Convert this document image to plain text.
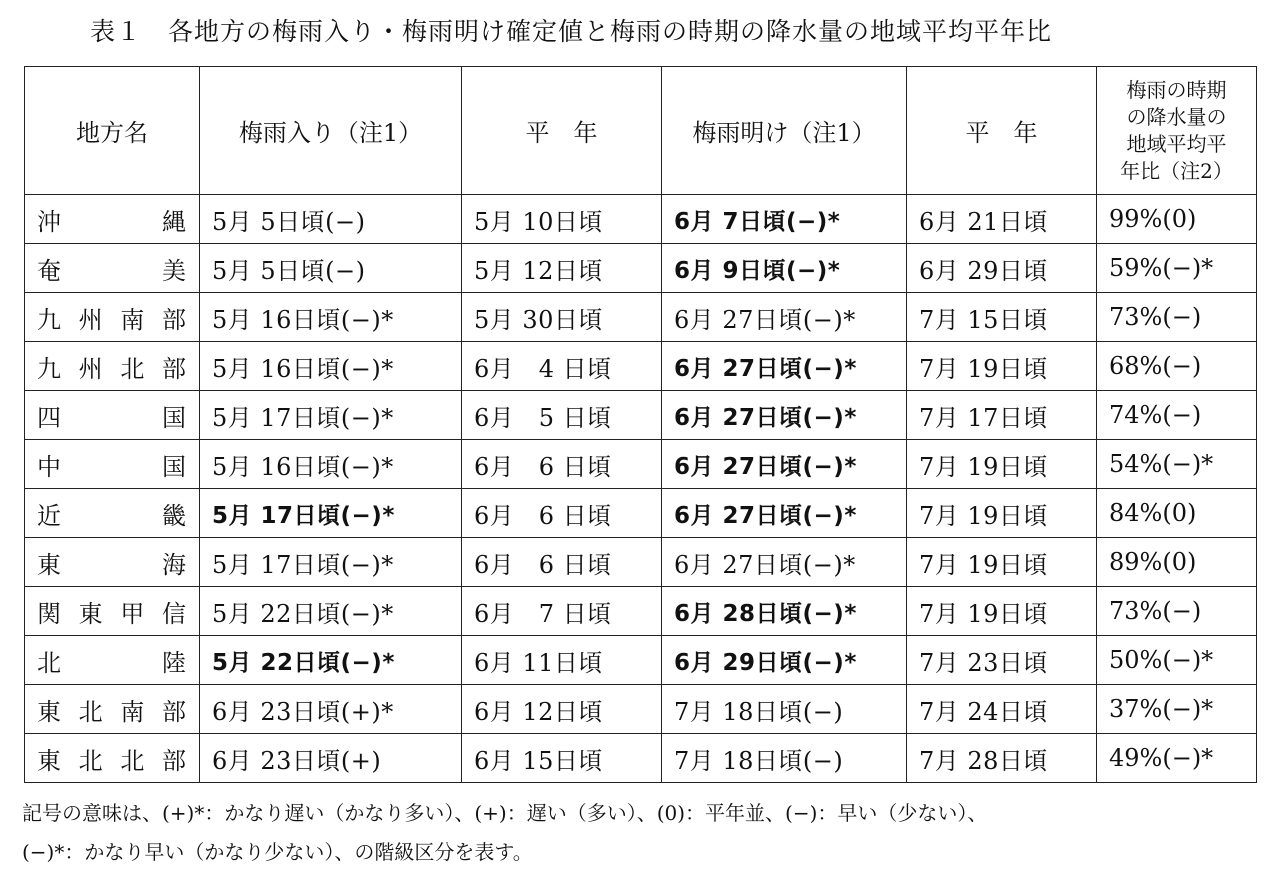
表１　各地方の梅雨入り・梅雨明け確定値と梅雨の時期の降水量の地域平均平年比
地方名	梅雨入り（注1）	平　年	梅雨明け（注1）	平　年	梅雨の時期
の降水量の
地域平均平
年比（注2）

沖縄	5月 5日頃(−)	5月 10日頃	6月 7日頃(−)*	6月 21日頃	99%(0)
奄美	5月 5日頃(−)	5月 12日頃	6月 9日頃(−)*	6月 29日頃	59%(−)*
九州南部	5月 16日頃(−)*	5月 30日頃	6月 27日頃(−)*	7月 15日頃	73%(−)
九州北部	5月 16日頃(−)*	6月　4 日頃	6月 27日頃(−)*	7月 19日頃	68%(−)
四国	5月 17日頃(−)*	6月　5 日頃	6月 27日頃(−)*	7月 17日頃	74%(−)
中国	5月 16日頃(−)*	6月　6 日頃	6月 27日頃(−)*	7月 19日頃	54%(−)*
近畿	5月 17日頃(−)*	6月　6 日頃	6月 27日頃(−)*	7月 19日頃	84%(0)
東海	5月 17日頃(−)*	6月　6 日頃	6月 27日頃(−)*	7月 19日頃	89%(0)
関東甲信	5月 22日頃(−)*	6月　7 日頃	6月 28日頃(−)*	7月 19日頃	73%(−)
北陸	5月 22日頃(−)*	6月 11日頃	6月 29日頃(−)*	7月 23日頃	50%(−)*
東北南部	6月 23日頃(+)*	6月 12日頃	7月 18日頃(−)	7月 24日頃	37%(−)*
東北北部	6月 23日頃(+)	6月 15日頃	7月 18日頃(−)	7月 28日頃	49%(−)*
記号の意味は、(+)*：かなり遅い（かなり多い）、(+)：遅い（多い）、(0)：平年並、(−)：早い（少ない）、
(−)*：かなり早い（かなり少ない）、の階級区分を表す。
